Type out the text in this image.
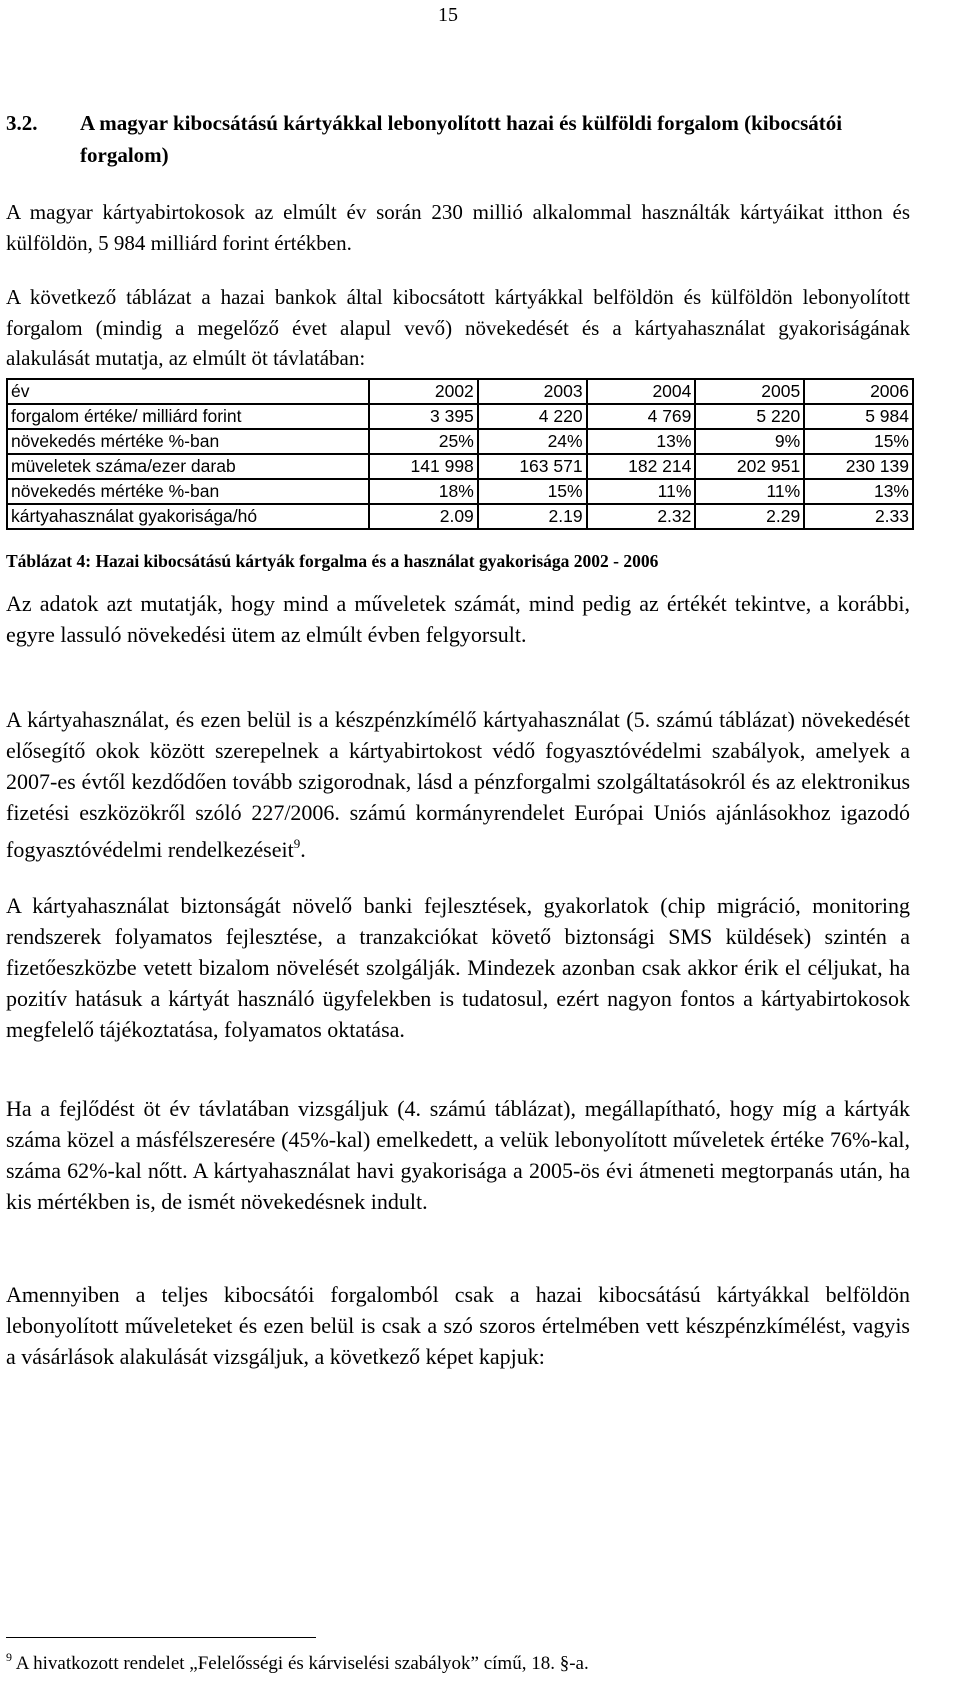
15
3.2. A magyar kibocsátású kártyákkal lebonyolított hazai és külföldi forgalom (kibocsátói forgalom)
A magyar kártyabirtokosok az elmúlt év során 230 millió alkalommal használták kártyáikat itthon és külföldön, 5 984 milliárd forint értékben.
A következő táblázat a hazai bankok által kibocsátott kártyákkal belföldön és külföldön lebonyolított forgalom (mindig a megelőző évet alapul vevő) növekedését és a kártyahasználat gyakoriságának alakulását mutatja, az elmúlt öt távlatában:
év	2002	2003	2004	2005	2006
forgalom értéke/ milliárd forint	3 395	4 220	4 769	5 220	5 984
növekedés mértéke %-ban	25%	24%	13%	9%	15%
müveletek száma/ezer darab	141 998	163 571	182 214	202 951	230 139
növekedés mértéke %-ban	18%	15%	11%	11%	13%
kártyahasználat gyakorisága/hó	2.09	2.19	2.32	2.29	2.33
Táblázat 4: Hazai kibocsátású kártyák forgalma és a használat gyakorisága 2002 - 2006
Az adatok azt mutatják, hogy mind a műveletek számát, mind pedig az értékét tekintve, a korábbi, egyre lassuló növekedési ütem az elmúlt évben felgyorsult.
A kártyahasználat, és ezen belül is a készpénzkímélő kártyahasználat (5. számú táblázat) növekedését elősegítő okok között szerepelnek a kártyabirtokost védő fogyasztóvédelmi szabályok, amelyek a 2007-es évtől kezdődően tovább szigorodnak, lásd a pénzforgalmi szolgáltatásokról és az elektronikus fizetési eszközökről szóló 227/2006. számú kormányrendelet Európai Uniós ajánlásokhoz igazodó fogyasztóvédelmi rendelkezéseit$^9$.
A kártyahasználat biztonságát növelő banki fejlesztések, gyakorlatok (chip migráció, monitoring rendszerek folyamatos fejlesztése, a tranzakciókat követő biztonsági SMS küldések) szintén a fizetőeszközbe vetett bizalom növelését szolgálják. Mindezek azonban csak akkor érik el céljukat, ha pozitív hatásuk a kártyát használó ügyfelekben is tudatosul, ezért nagyon fontos a kártyabirtokosok megfelelő tájékoztatása, folyamatos oktatása.
Ha a fejlődést öt év távlatában vizsgáljuk (4. számú táblázat), megállapítható, hogy míg a kártyák száma közel a másfélszeresére (45%-kal) emelkedett, a velük lebonyolított műveletek értéke 76%-kal, száma 62%-kal nőtt. A kártyahasználat havi gyakorisága a 2005-ös évi átmeneti megtorpanás után, ha kis mértékben is, de ismét növekedésnek indult.
Amennyiben a teljes kibocsátói forgalomból csak a hazai kibocsátású kártyákkal belföldön lebonyolított műveleteket és ezen belül is csak a szó szoros értelmében vett készpénzkímélést, vagyis a vásárlások alakulását vizsgáljuk, a következő képet kapjuk:
$^9$ A hivatkozott rendelet „Felelősségi és kárviselési szabályok” című, 18. §-a.
